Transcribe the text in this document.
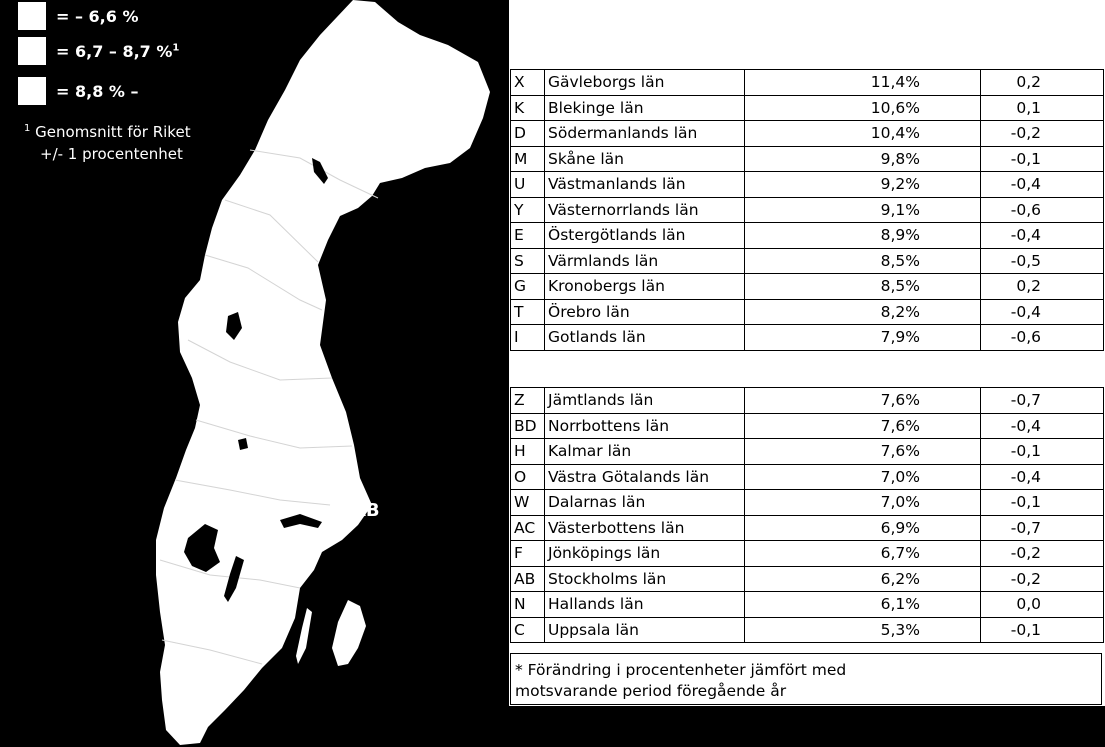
= – 6,6 %
= 6,7 – 8,7 %$^1$
= 8,8 % –
$^1$ Genomsnitt för Riket
+/- 1 procentenhet
AB
X	Gävleborgs län	11,4%	0,2
K	Blekinge län	10,6%	0,1
D	Södermanlands län	10,4%	-0,2
M	Skåne län	9,8%	-0,1
U	Västmanlands län	9,2%	-0,4
Y	Västernorrlands län	9,1%	-0,6
E	Östergötlands län	8,9%	-0,4
S	Värmlands län	8,5%	-0,5
G	Kronobergs län	8,5%	0,2
T	Örebro län	8,2%	-0,4
I	Gotlands län	7,9%	-0,6
Z	Jämtlands län	7,6%	-0,7
BD	Norrbottens län	7,6%	-0,4
H	Kalmar län	7,6%	-0,1
O	Västra Götalands län	7,0%	-0,4
W	Dalarnas län	7,0%	-0,1
AC	Västerbottens län	6,9%	-0,7
F	Jönköpings län	6,7%	-0,2
AB	Stockholms län	6,2%	-0,2
N	Hallands län	6,1%	0,0
C	Uppsala län	5,3%	-0,1
* Förändring i procentenheter jämfört med
motsvarande period föregående år
